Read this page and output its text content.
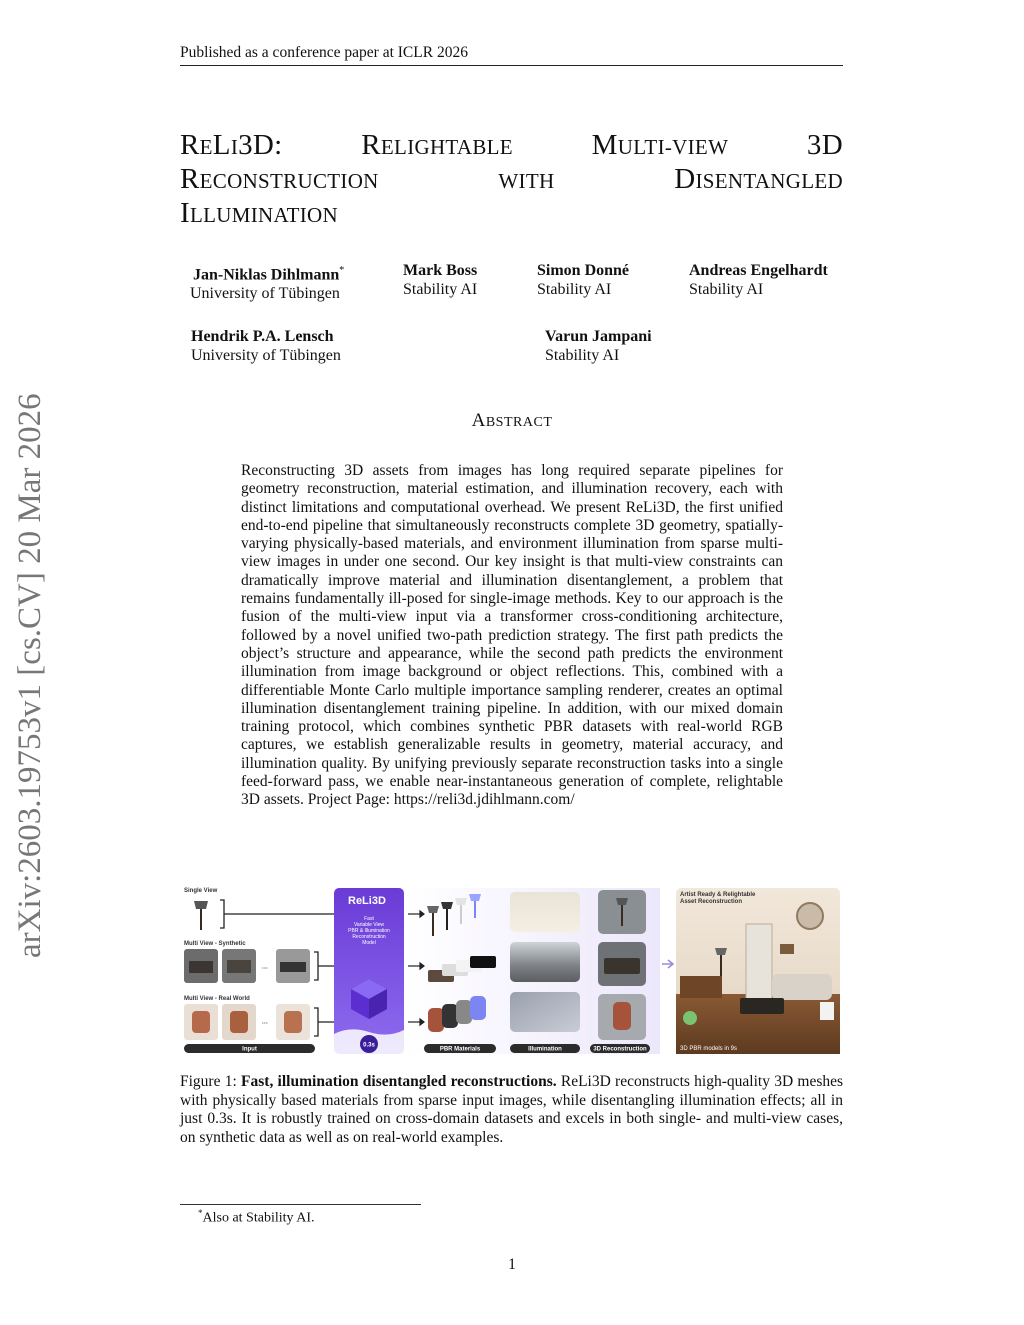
Published as a conference paper at ICLR 2026
arXiv:2603.19753v1 [cs.CV] 20 Mar 2026
RELI3D:	RELIGHTABLE	MULTI-VIEW	3D
RECONSTRUCTION	WITH	DISENTANGLED
ILLUMINATION
Jan-Niklas Dihlmann*
University of Tübingen
Mark Boss
Stability AI
Simon Donné
Stability AI
Andreas Engelhardt
Stability AI
Hendrik P.A. Lensch
University of Tübingen
Varun Jampani
Stability AI
ABSTRACT
Reconstructing 3D assets from images has long required separate pipelines for geometry reconstruction, material estimation, and illumination recovery, each with distinct limitations and computational overhead. We present ReLi3D, the first unified end-to-end pipeline that simultaneously reconstructs complete 3D geometry, spatially-varying physically-based materials, and environment illumination from sparse multi-view images in under one second. Our key insight is that multi-view constraints can dramatically improve material and illumination disentanglement, a problem that remains fundamentally ill-posed for single-image methods. Key to our approach is the fusion of the multi-view input via a transformer cross-conditioning architecture, followed by a novel unified two-path prediction strategy. The first path predicts the object’s structure and appearance, while the second path predicts the environment illumination from image background or object reflections. This, combined with a differentiable Monte Carlo multiple importance sampling renderer, creates an optimal illumination disentanglement training pipeline. In addition, with our mixed domain training protocol, which combines synthetic PBR datasets with real-world RGB captures, we establish generalizable results in geometry, material accuracy, and illumination quality. By unifying previously separate reconstruction tasks into a single feed-forward pass, we enable near-instantaneous generation of complete, relightable 3D assets. Project Page: https://reli3d.jdihlmann.com/
Single View
Multi View - Synthetic
···
Multi View - Real World
···
Input
ReLi3D
Fast
Variable View
PBR & Illumination
Reconstruction
Model
0.3s
PBR Materials	Illumination	3D Reconstruction
Artist Ready & Relightable
Asset Reconstruction
3D PBR models in 9s
Figure 1: Fast, illumination disentangled reconstructions. ReLi3D reconstructs high-quality 3D meshes with physically based materials from sparse input images, while disentangling illumination effects; all in just 0.3s. It is robustly trained on cross-domain datasets and excels in both single- and multi-view cases, on synthetic data as well as on real-world examples.
*Also at Stability AI.
1
